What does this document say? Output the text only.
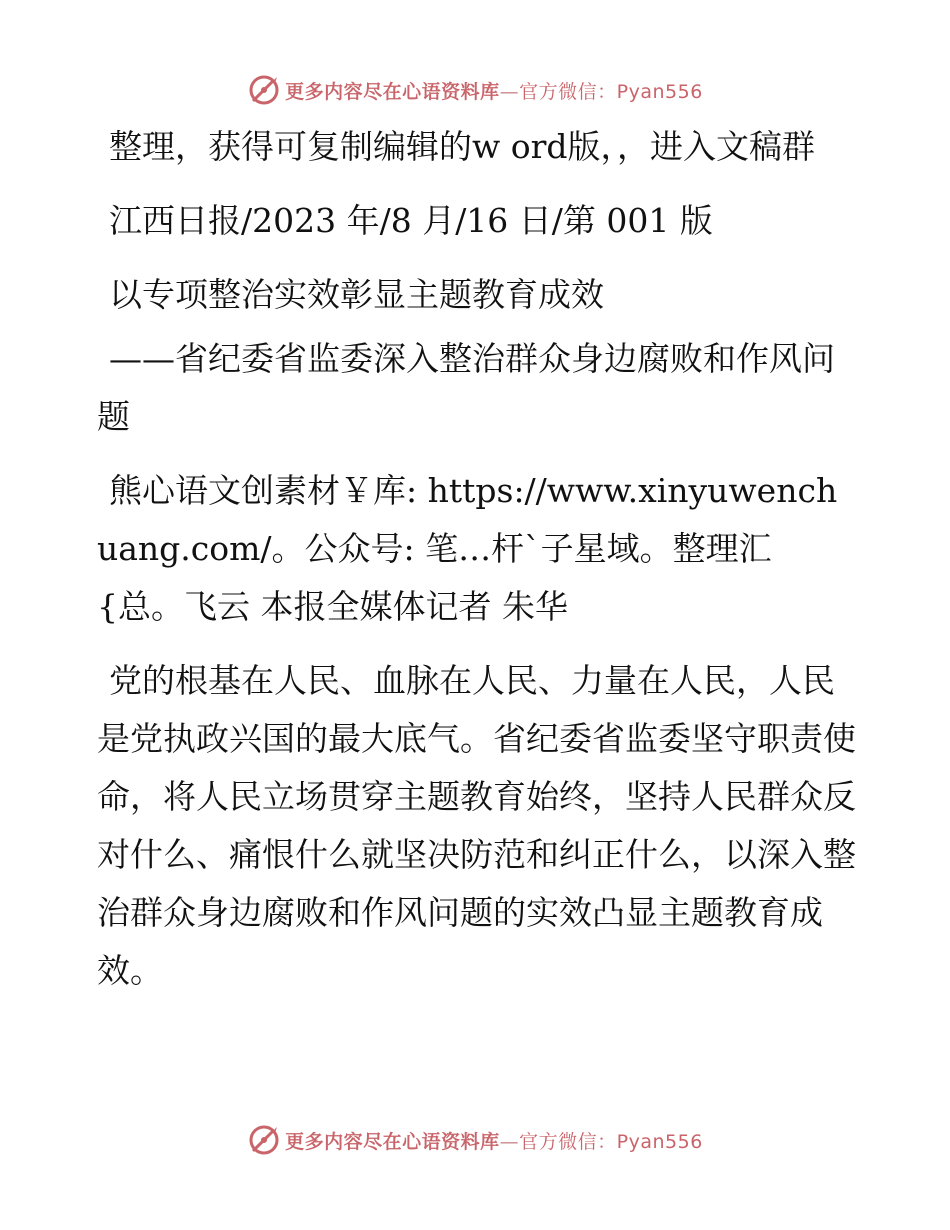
更多内容尽在心语资料库—官方微信：Pyan556

整理，获得可复制编辑的w ord版，，进入文稿群

江西日报/2023 年/8 月/16 日/第 001 版

以专项整治实效彰显主题教育成效

——省纪委省监委深入整治群众身边腐败和作风问题

熊心语文创素材￥库: https://www.xinyuwenchuang.com/。公众号: 笔…杆`子星域。整理汇{总。飞云 本报全媒体记者 朱华

党的根基在人民、血脉在人民、力量在人民，人民是党执政兴国的最大底气。省纪委省监委坚守职责使命，将人民立场贯穿主题教育始终，坚持人民群众反对什么、痛恨什么就坚决防范和纠正什么，以深入整治群众身边腐败和作风问题的实效凸显主题教育成效。

更多内容尽在心语资料库—官方微信：Pyan556
